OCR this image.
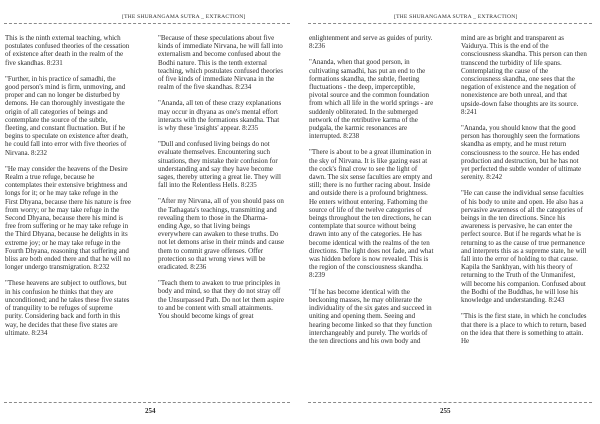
[THE SHURANGAMA SUTRA _ EXTRACTION]

This is the ninth external teaching, which postulates confused theories of the cessation of existence after death in the realm of the five skandhas. 8:231

"Further, in his practice of samadhi, the good person's mind is firm, unmoving, and proper and can no longer be disturbed by demons. He can thoroughly investigate the origin of all categories of beings and contemplate the source of the subtle, fleeting, and constant fluctuation. But if he begins to speculate on existence after death, he could fall into error with five theories of Nirvana. 8:232

"He may consider the heavens of the Desire Realm a true refuge, because he contemplates their extensive brightness and longs for it; or he may take refuge in the First Dhyana, because there his nature is free from worry; or he may take refuge in the Second Dhyana, because there his mind is free from suffering or he may take refuge in the Third Dhyana, because he delights in its extreme joy; or he may take refuge in the Fourth Dhyana, reasoning that suffering and bliss are both ended there and that he will no longer undergo transmigration. 8:232

"These heavens are subject to outflows, but in his confusion he thinks that they are unconditioned; and he takes these five states of tranquility to be refuges of supreme purity. Considering back and forth in this way, he decides that these five states are ultimate. 8:234

"Because of these speculations about five kinds of immediate Nirvana, he will fall into externalism and become confused about the Bodhi nature. This is the tenth external teaching, which postulates confused theories of five kinds of immediate Nirvana in the realm of the five skandhas. 8:234

"Ananda, all ten of these crazy explanations may occur in dhyana as one's mental effort interacts with the formations skandha. That is why these 'insights' appear. 8:235

"Dull and confused living beings do not evaluate themselves. Encountering such situations, they mistake their confusion for understanding and say they have become sages, thereby uttering a great lie. They will fall into the Relentless Hells. 8:235

"After my Nirvana, all of you should pass on the Tathagata's teachings, transmitting and revealing them to those in the Dharma-ending Age, so that living beings everywhere can awaken to these truths. Do not let demons arise in their minds and cause them to commit grave offenses. Offer protection so that wrong views will be eradicated. 8:236

"Teach them to awaken to true principles in body and mind, so that they do not stray off the Unsurpassed Path. Do not let them aspire to and be content with small attainments. You should become kings of great

254
[THE SHURANGAMA SUTRA _ EXTRACTION]

enlightenment and serve as guides of purity. 8:236

"Ananda, when that good person, in cultivating samadhi, has put an end to the formations skandha, the subtle, fleeting fluctuations - the deep, imperceptible, pivotal source and the common foundation from which all life in the world springs - are suddenly obliterated. In the submerged network of the retributive karma of the pudgala, the karmic resonances are interrupted. 8:238

"There is about to be a great illumination in the sky of Nirvana. It is like gazing east at the cock's final crow to see the light of dawn. The six sense faculties are empty and still; there is no further racing about. Inside and outside there is a profound brightness. He enters without entering. Fathoming the source of life of the twelve categories of beings throughout the ten directions, he can contemplate that source without being drawn into any of the categories. He has become identical with the realms of the ten directions. The light does not fade, and what was hidden before is now revealed. This is the region of the consciousness skandha. 8:239

"If he has become identical with the beckoning masses, he may obliterate the individuality of the six gates and succeed in uniting and opening them. Seeing and hearing become linked so that they function interchangeably and purely. The worlds of the ten directions and his own body and

mind are as bright and transparent as Vaidurya. This is the end of the consciousness skandha. This person can then transcend the turbidity of life spans. Contemplating the cause of the consciousness skandha, one sees that the negation of existence and the negation of nonexistence are both unreal, and that upside-down false thoughts are its source. 8:241

"Ananda, you should know that the good person has thoroughly seen the formations skandha as empty, and he must return consciousness to the source. He has ended production and destruction, but he has not yet perfected the subtle wonder of ultimate serenity. 8:242

"He can cause the individual sense faculties of his body to unite and open. He also has a pervasive awareness of all the categories of beings in the ten directions. Since his awareness is pervasive, he can enter the perfect source. But if he regards what he is returning to as the cause of true permanence and interprets this as a supreme state, he will fall into the error of holding to that cause. Kapila the Sankhyan, with his theory of returning to the Truth of the Unmanifest, will become his companion. Confused about the Bodhi of the Buddhas, he will lose his knowledge and understanding. 8:243

"This is the first state, in which he concludes that there is a place to which to return, based on the idea that there is something to attain. He

255
